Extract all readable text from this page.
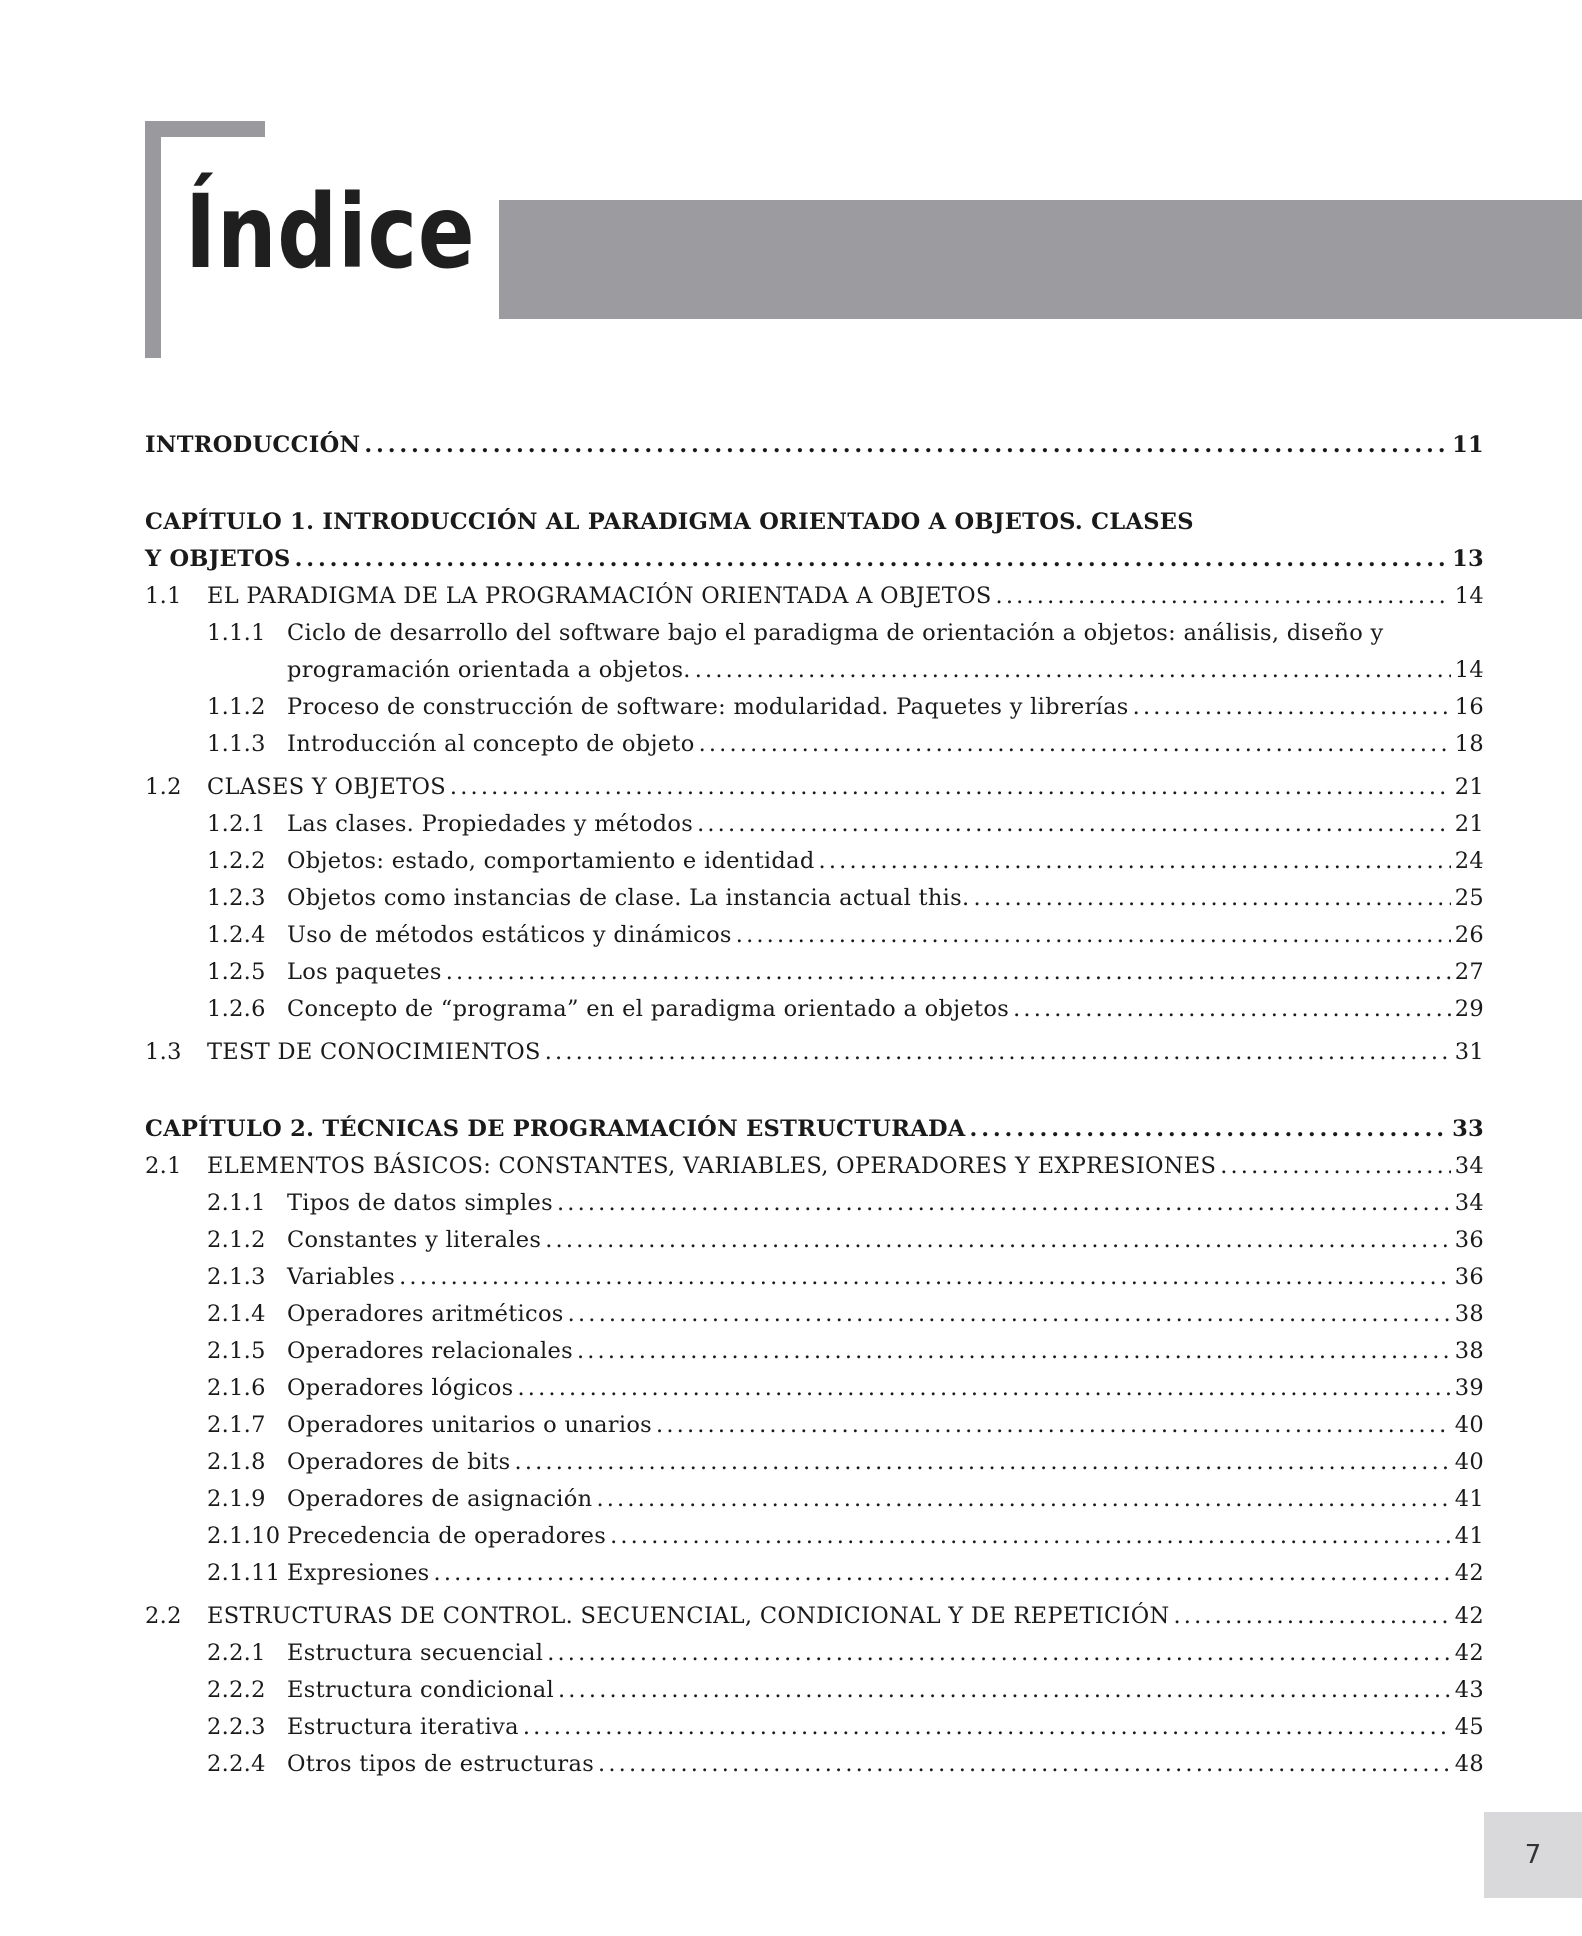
Índice
INTRODUCCIÓN . . .	11
CAPÍTULO 1. INTRODUCCIÓN AL PARADIGMA ORIENTADO A OBJETOS. CLASES
Y OBJETOS . . .	13
1.1	EL PARADIGMA DE LA PROGRAMACIÓN ORIENTADA A OBJETOS . . .	14
1.1.1 Ciclo de desarrollo del software bajo el paradigma de orientación a objetos: análisis, diseño y
programación orientada a objetos. . . .	14
1.1.2 Proceso de construcción de software: modularidad. Paquetes y librerías . . .	16
1.1.3 Introducción al concepto de objeto . . .	18
1.2	CLASES Y OBJETOS . . .	21
1.2.1 Las clases. Propiedades y métodos . . .	21
1.2.2 Objetos: estado, comportamiento e identidad . . .	24
1.2.3 Objetos como instancias de clase. La instancia actual this. . . .	25
1.2.4 Uso de métodos estáticos y dinámicos . . .	26
1.2.5 Los paquetes . . .	27
1.2.6 Concepto de “programa” en el paradigma orientado a objetos . . .	29
1.3	TEST DE CONOCIMIENTOS . . .	31
CAPÍTULO 2. TÉCNICAS DE PROGRAMACIÓN ESTRUCTURADA . . .	33
2.1	ELEMENTOS BÁSICOS: CONSTANTES, VARIABLES, OPERADORES Y EXPRESIONES . . .	34
2.1.1 Tipos de datos simples . . .	34
2.1.2 Constantes y literales . . .	36
2.1.3 Variables . . .	36
2.1.4 Operadores aritméticos . . .	38
2.1.5 Operadores relacionales . . .	38
2.1.6 Operadores lógicos . . .	39
2.1.7 Operadores unitarios o unarios . . .	40
2.1.8 Operadores de bits . . .	40
2.1.9 Operadores de asignación . . .	41
2.1.10 Precedencia de operadores . . .	41
2.1.11 Expresiones . . .	42
2.2	ESTRUCTURAS DE CONTROL. SECUENCIAL, CONDICIONAL Y DE REPETICIÓN . . .	42
2.2.1 Estructura secuencial . . .	42
2.2.2 Estructura condicional . . .	43
2.2.3 Estructura iterativa . . .	45
2.2.4 Otros tipos de estructuras . . .	48
7
